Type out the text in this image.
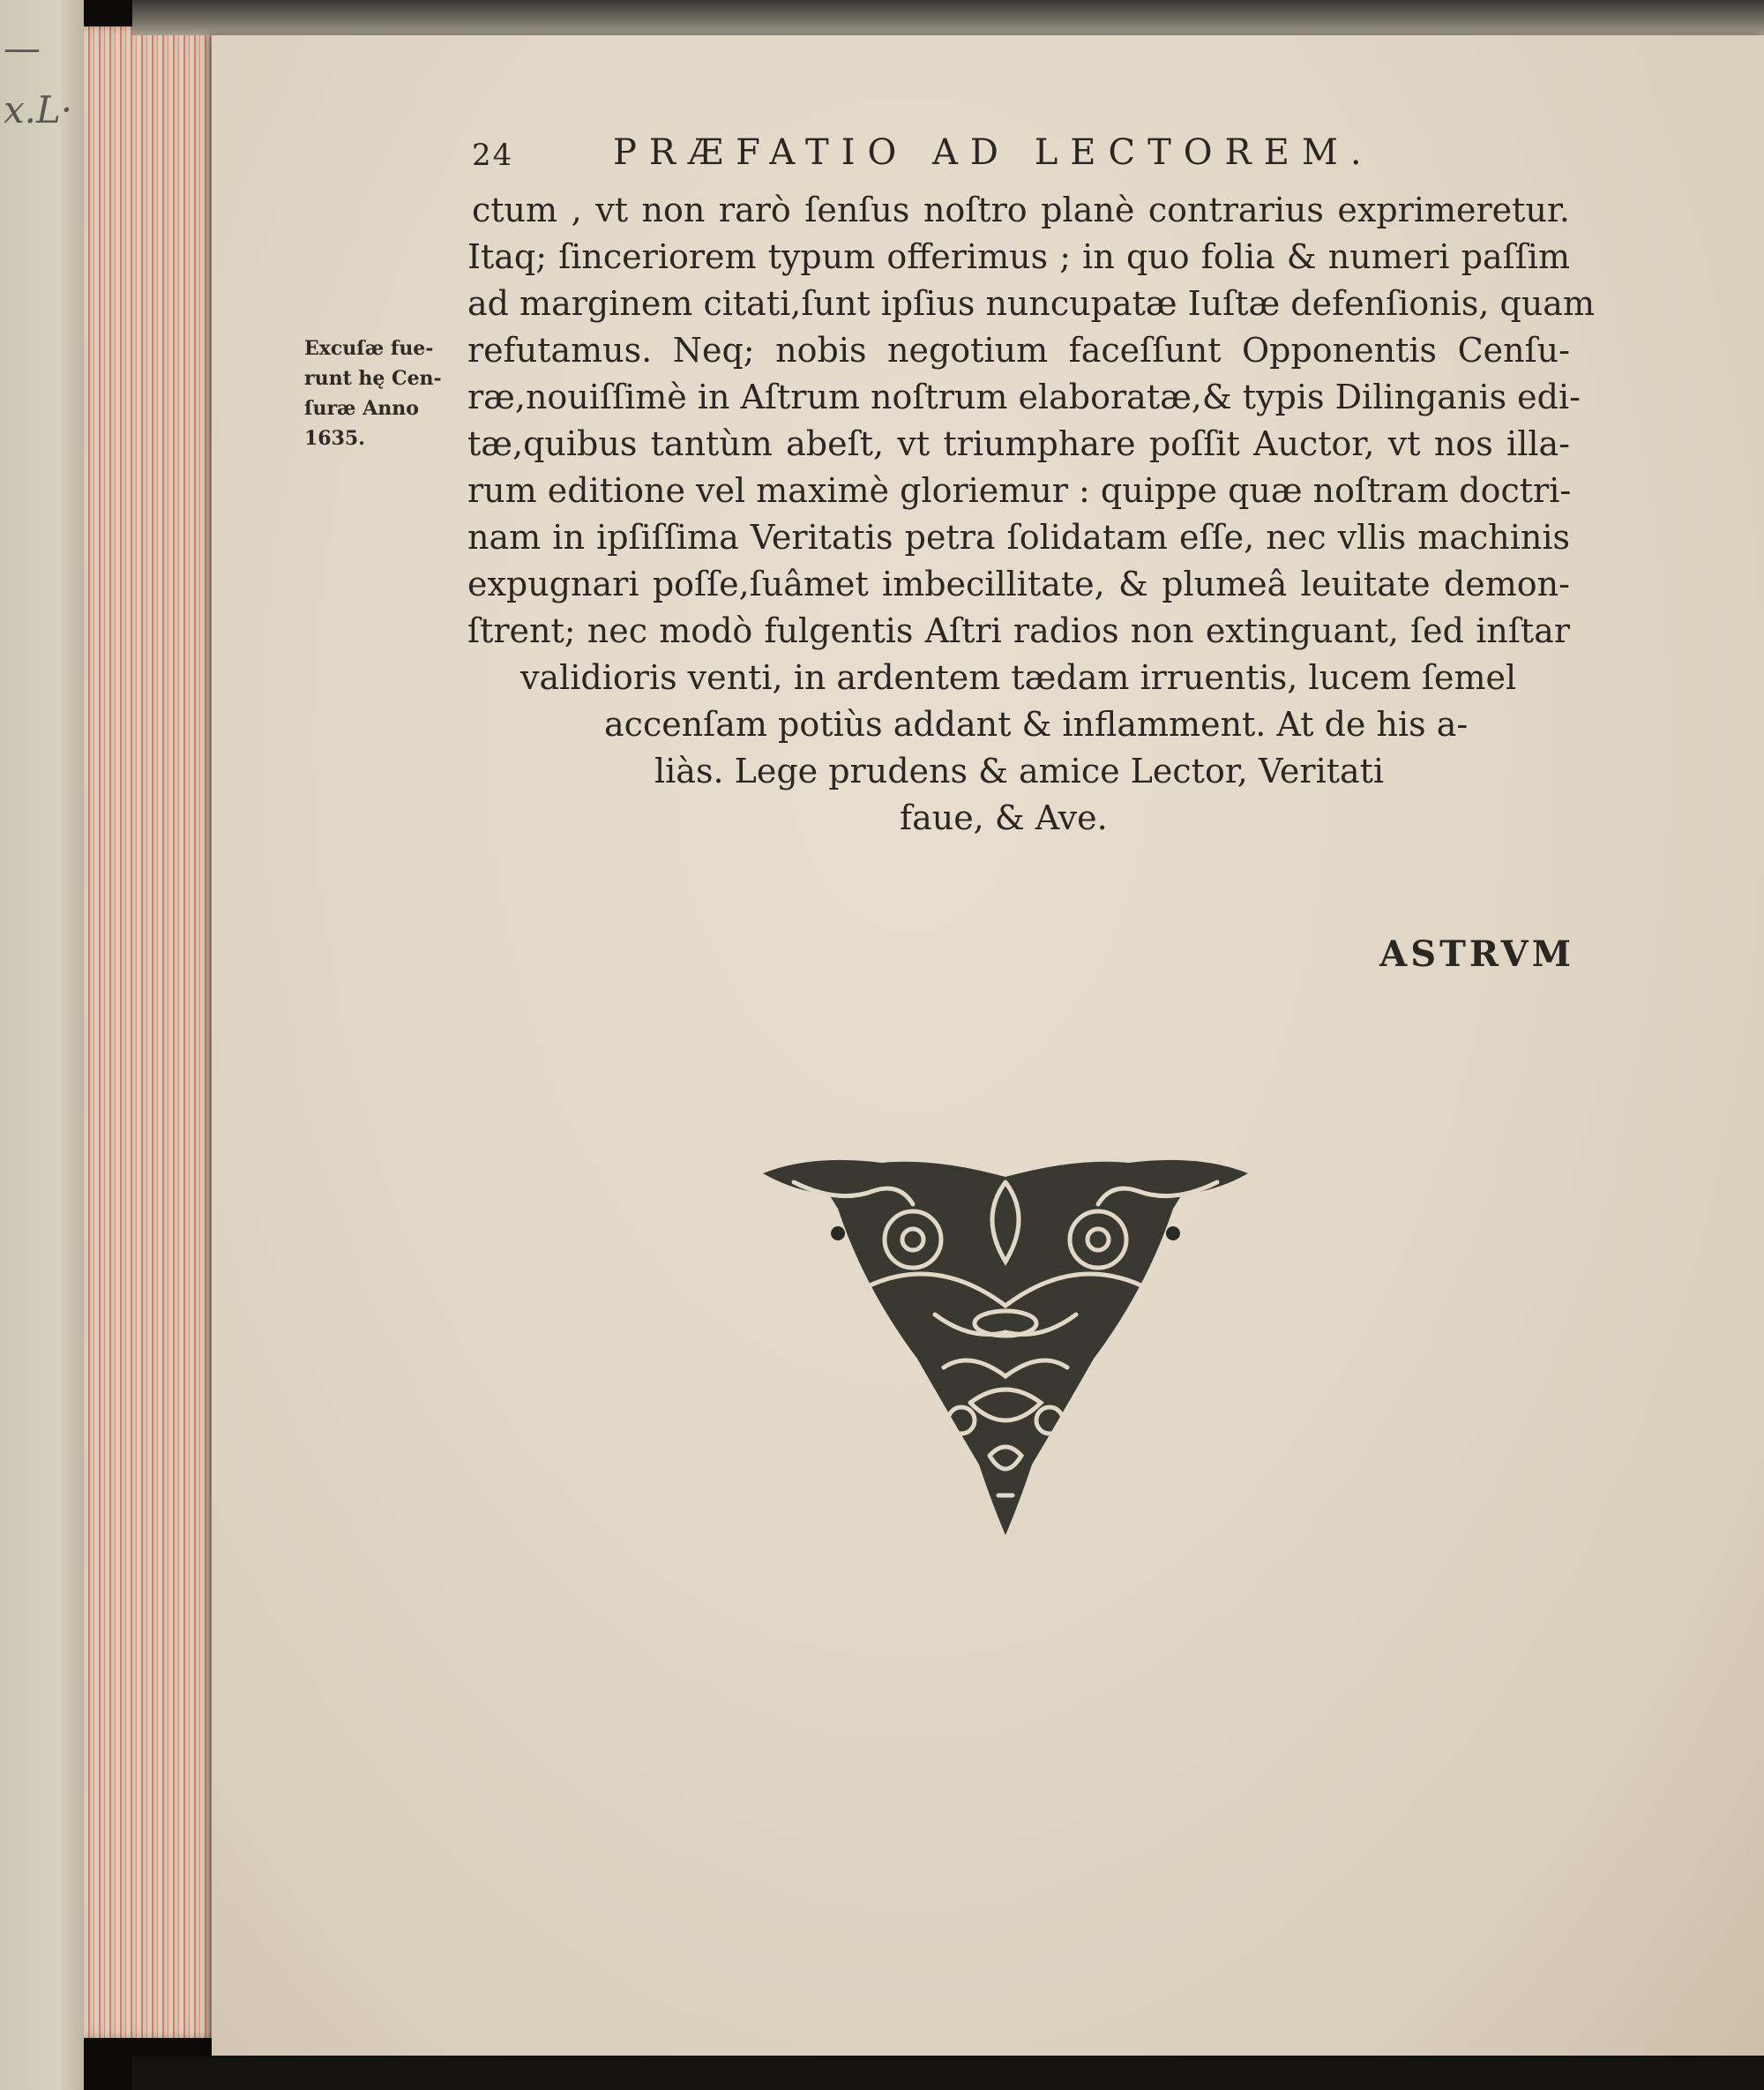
—
x.L·
24	PRÆFATIO AD LECTOREM.
Excuſæ fue-
runt hę Cen-
ſuræ Anno
1635.
ctum , vt non rarò ſenſus noſtro planè contrarius exprimeretur.
Itaq; ſinceriorem typum offerimus ; in quo folia & numeri paſſim
ad marginem citati,ſunt ipſius nuncupatæ Iuſtæ defenſionis, quam
refutamus. Neq; nobis negotium faceſſunt Opponentis Cenſu-
ræ,nouiſſimè in Aſtrum noſtrum elaboratæ,& typis Dilinganis edi-
tæ,quibus tantùm abeſt, vt triumphare poſſit Auctor, vt nos illa-
rum editione vel maximè gloriemur : quippe quæ noſtram doctri-
nam in ipſiſſima Veritatis petra ſolidatam eſſe, nec vllis machinis
expugnari poſſe,ſuâmet imbecillitate, & plumeâ leuitate demon-
ſtrent; nec modò fulgentis Aſtri radios non extinguant, ſed inſtar
validioris venti, in ardentem tædam irruentis, lucem ſemel
accenſam potiùs addant & inflamment. At de his a-
liàs. Lege prudens & amice Lector, Veritati
faue, & Ave.
ASTRVM
